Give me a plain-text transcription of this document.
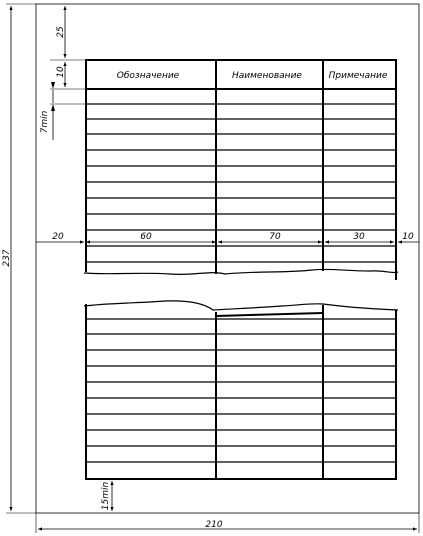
237
210
25
10
7min
20	60	70	30	10
Обозначение	Наименование	Примечание
15min
